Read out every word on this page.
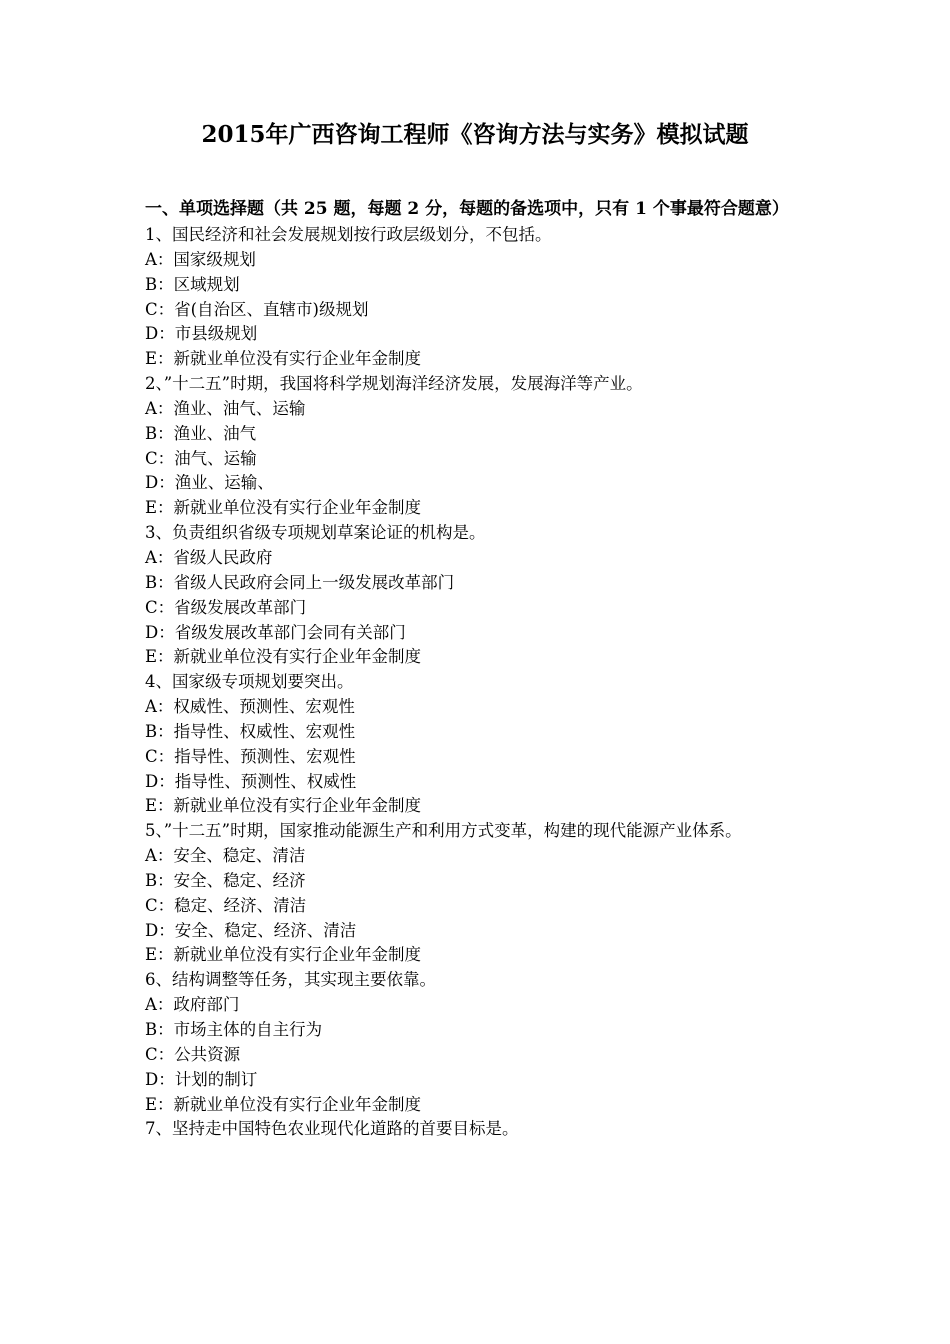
2015年广西咨询工程师《咨询方法与实务》模拟试题
一、单项选择题（共 25 题，每题 2 分，每题的备选项中，只有 1 个事最符合题意）
1、国民经济和社会发展规划按行政层级划分，不包括。
A：国家级规划
B：区域规划
C：省(自治区、直辖市)级规划
D：市县级规划
E：新就业单位没有实行企业年金制度
2、”十二五”时期，我国将科学规划海洋经济发展，发展海洋等产业。
A：渔业、油气、运输
B：渔业、油气
C：油气、运输
D：渔业、运输、
E：新就业单位没有实行企业年金制度
3、负责组织省级专项规划草案论证的机构是。
A：省级人民政府
B：省级人民政府会同上一级发展改革部门
C：省级发展改革部门
D：省级发展改革部门会同有关部门
E：新就业单位没有实行企业年金制度
4、国家级专项规划要突出。
A：权威性、预测性、宏观性
B：指导性、权威性、宏观性
C：指导性、预测性、宏观性
D：指导性、预测性、权威性
E：新就业单位没有实行企业年金制度
5、”十二五”时期，国家推动能源生产和利用方式变革，构建的现代能源产业体系。
A：安全、稳定、清洁
B：安全、稳定、经济
C：稳定、经济、清洁
D：安全、稳定、经济、清洁
E：新就业单位没有实行企业年金制度
6、结构调整等任务，其实现主要依靠。
A：政府部门
B：市场主体的自主行为
C：公共资源
D：计划的制订
E：新就业单位没有实行企业年金制度
7、坚持走中国特色农业现代化道路的首要目标是。
